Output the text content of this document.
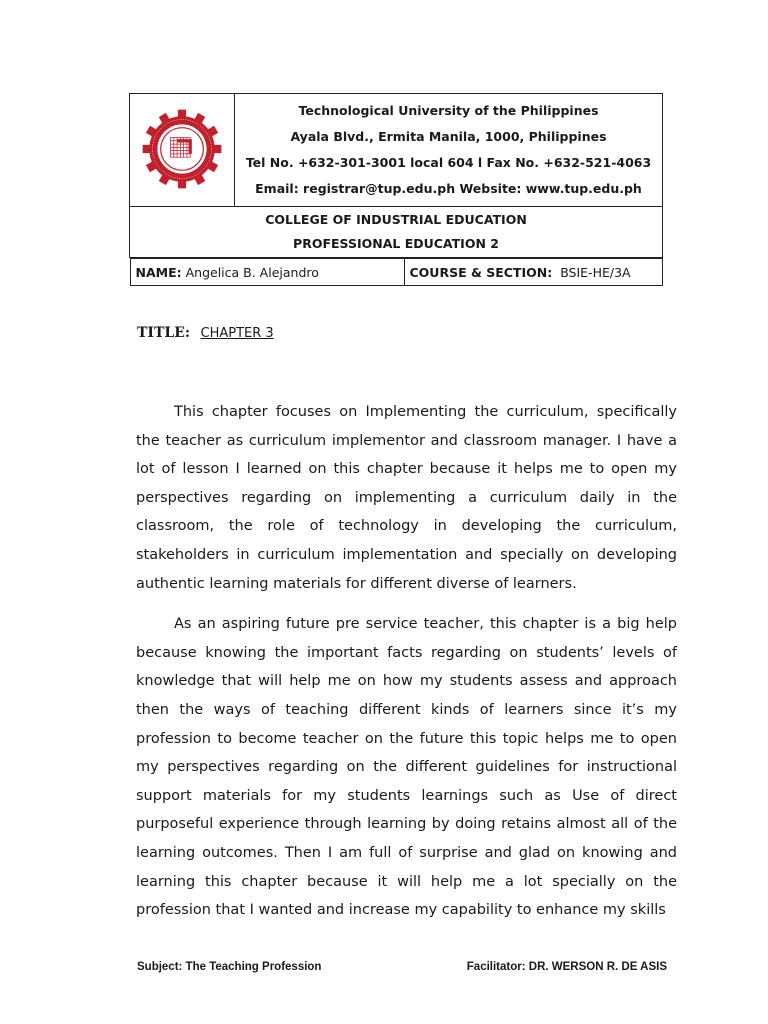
Technological University of the Philippines
Ayala Blvd., Ermita Manila, 1000, Philippines
Tel No. +632-301-3001 local 604 l Fax No. +632-521-4063
Email: registrar@tup.edu.ph Website: www.tup.edu.ph

COLLEGE OF INDUSTRIAL EDUCATION
PROFESSIONAL EDUCATION 2

NAME: Angelica B. Alejandro	COURSE & SECTION: BSIE-HE/3A
TITLE: CHAPTER 3

This chapter focuses on Implementing the curriculum, specifically the teacher as curriculum implementor and classroom manager. I have a lot of lesson I learned on this chapter because it helps me to open my perspectives regarding on implementing a curriculum daily in the classroom, the role of technology in developing the curriculum, stakeholders in curriculum implementation and specially on developing authentic learning materials for different diverse of learners.

As an aspiring future pre service teacher, this chapter is a big help because knowing the important facts regarding on students’ levels of knowledge that will help me on how my students assess and approach then the ways of teaching different kinds of learners since it’s my profession to become teacher on the future this topic helps me to open my perspectives regarding on the different guidelines for instructional support materials for my students learnings such as Use of direct purposeful experience through learning by doing retains almost all of the learning outcomes. Then I am full of surprise and glad on knowing and learning this chapter because it will help me a lot specially on the profession that I wanted and increase my capability to enhance my skills

Subject: The Teaching Profession	Facilitator: DR. WERSON R. DE ASIS
